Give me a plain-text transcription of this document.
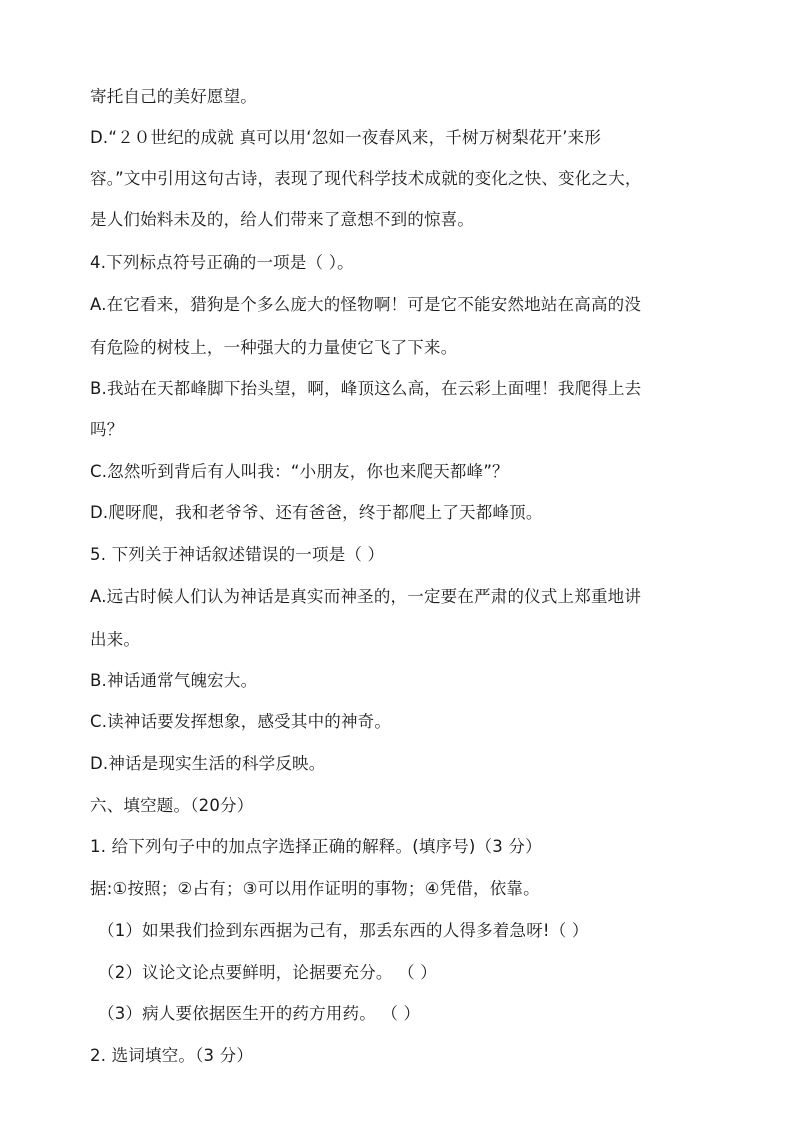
寄托自己的美好愿望。
D.“２０世纪的成就 真可以用‘忽如一夜春风来，千树万树梨花开’来形
容。”文中引用这句古诗，表现了现代科学技术成就的变化之快、变化之大，
是人们始料未及的，给人们带来了意想不到的惊喜。
4.下列标点符号正确的一项是（ ）。
A.在它看来，猎狗是个多么庞大的怪物啊！可是它不能安然地站在高高的没
有危险的树枝上，一种强大的力量使它飞了下来。
B.我站在天都峰脚下抬头望，啊，峰顶这么高，在云彩上面哩！我爬得上去
吗？
C.忽然听到背后有人叫我：“小朋友，你也来爬天都峰”？
D.爬呀爬，我和老爷爷、还有爸爸，终于都爬上了天都峰顶。
5. 下列关于神话叙述错误的一项是（ ）
A.远古时候人们认为神话是真实而神圣的，一定要在严肃的仪式上郑重地讲
出来。
B.神话通常气魄宏大。
C.读神话要发挥想象，感受其中的神奇。
D.神话是现实生活的科学反映。
六、填空题。（20分）
1. 给下列句子中的加点字选择正确的解释。(填序号)（3 分）
据:①按照；②占有；③可以用作证明的事物；④凭借，依靠。
（1）如果我们捡到东西据为己有，那丢东西的人得多着急呀!（ ）
（2）议论文论点要鲜明，论据要充分。 （ ）
（3）病人要依据医生开的药方用药。 （ ）
2. 选词填空。（3 分）
